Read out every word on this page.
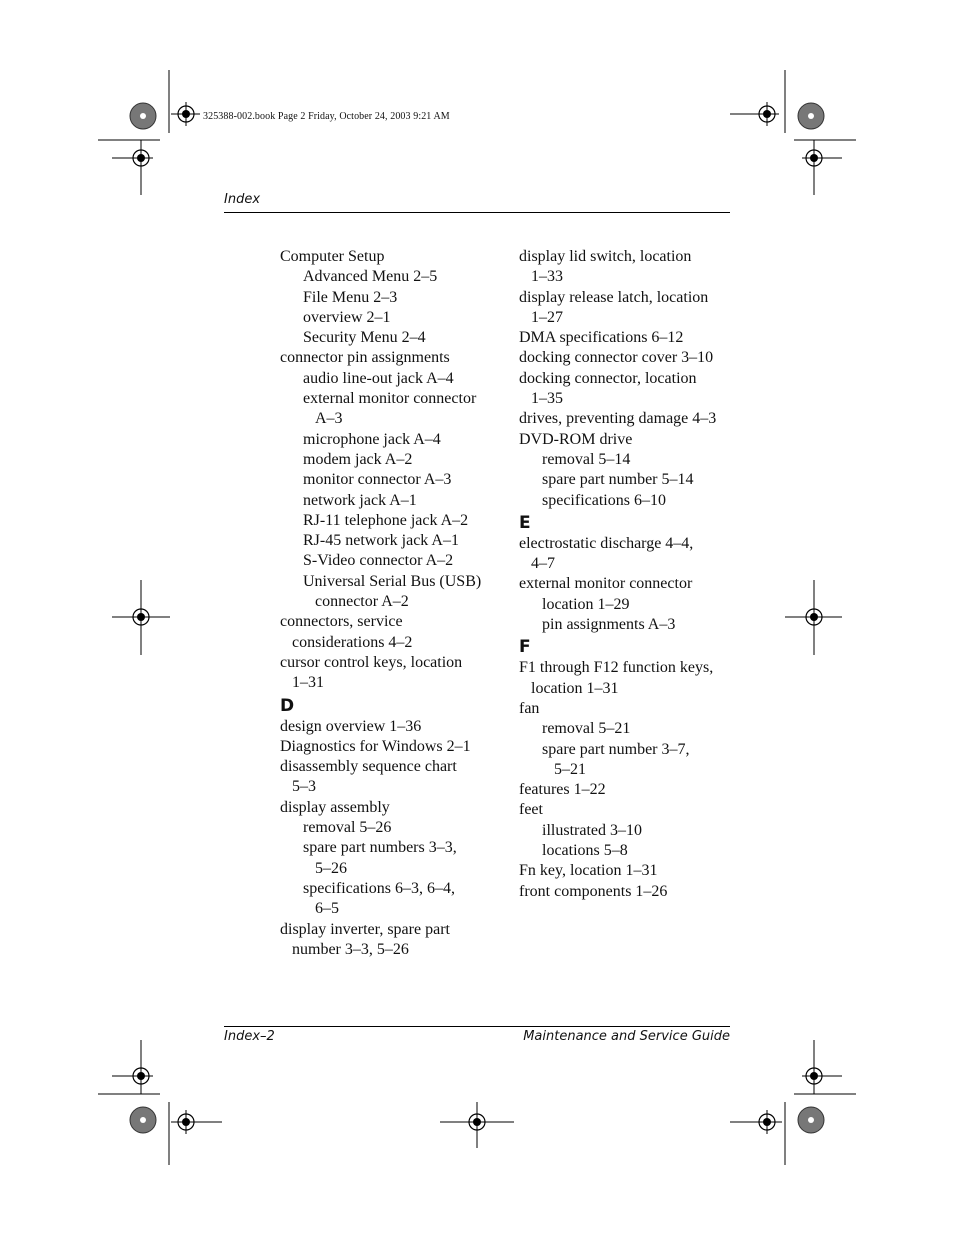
325388-002.book Page 2 Friday, October 24, 2003 9:21 AM
Index
Computer Setup
Advanced Menu 2–5
File Menu 2–3
overview 2–1
Security Menu 2–4
connector pin assignments
audio line-out jack A–4
external monitor connector
A–3
microphone jack A–4
modem jack A–2
monitor connector A–3
network jack A–1
RJ-11 telephone jack A–2
RJ-45 network jack A–1
S-Video connector A–2
Universal Serial Bus (USB)
connector A–2
connectors, service
considerations 4–2
cursor control keys, location
1–31
D
design overview 1–36
Diagnostics for Windows 2–1
disassembly sequence chart
5–3
display assembly
removal 5–26
spare part numbers 3–3,
5–26
specifications 6–3, 6–4,
6–5
display inverter, spare part
number 3–3, 5–26
display lid switch, location
1–33
display release latch, location
1–27
DMA specifications 6–12
docking connector cover 3–10
docking connector, location
1–35
drives, preventing damage 4–3
DVD-ROM drive
removal 5–14
spare part number 5–14
specifications 6–10
E
electrostatic discharge 4–4,
4–7
external monitor connector
location 1–29
pin assignments A–3
F
F1 through F12 function keys,
location 1–31
fan
removal 5–21
spare part number 3–7,
5–21
features 1–22
feet
illustrated 3–10
locations 5–8
Fn key, location 1–31
front components 1–26
Index–2	Maintenance and Service Guide
